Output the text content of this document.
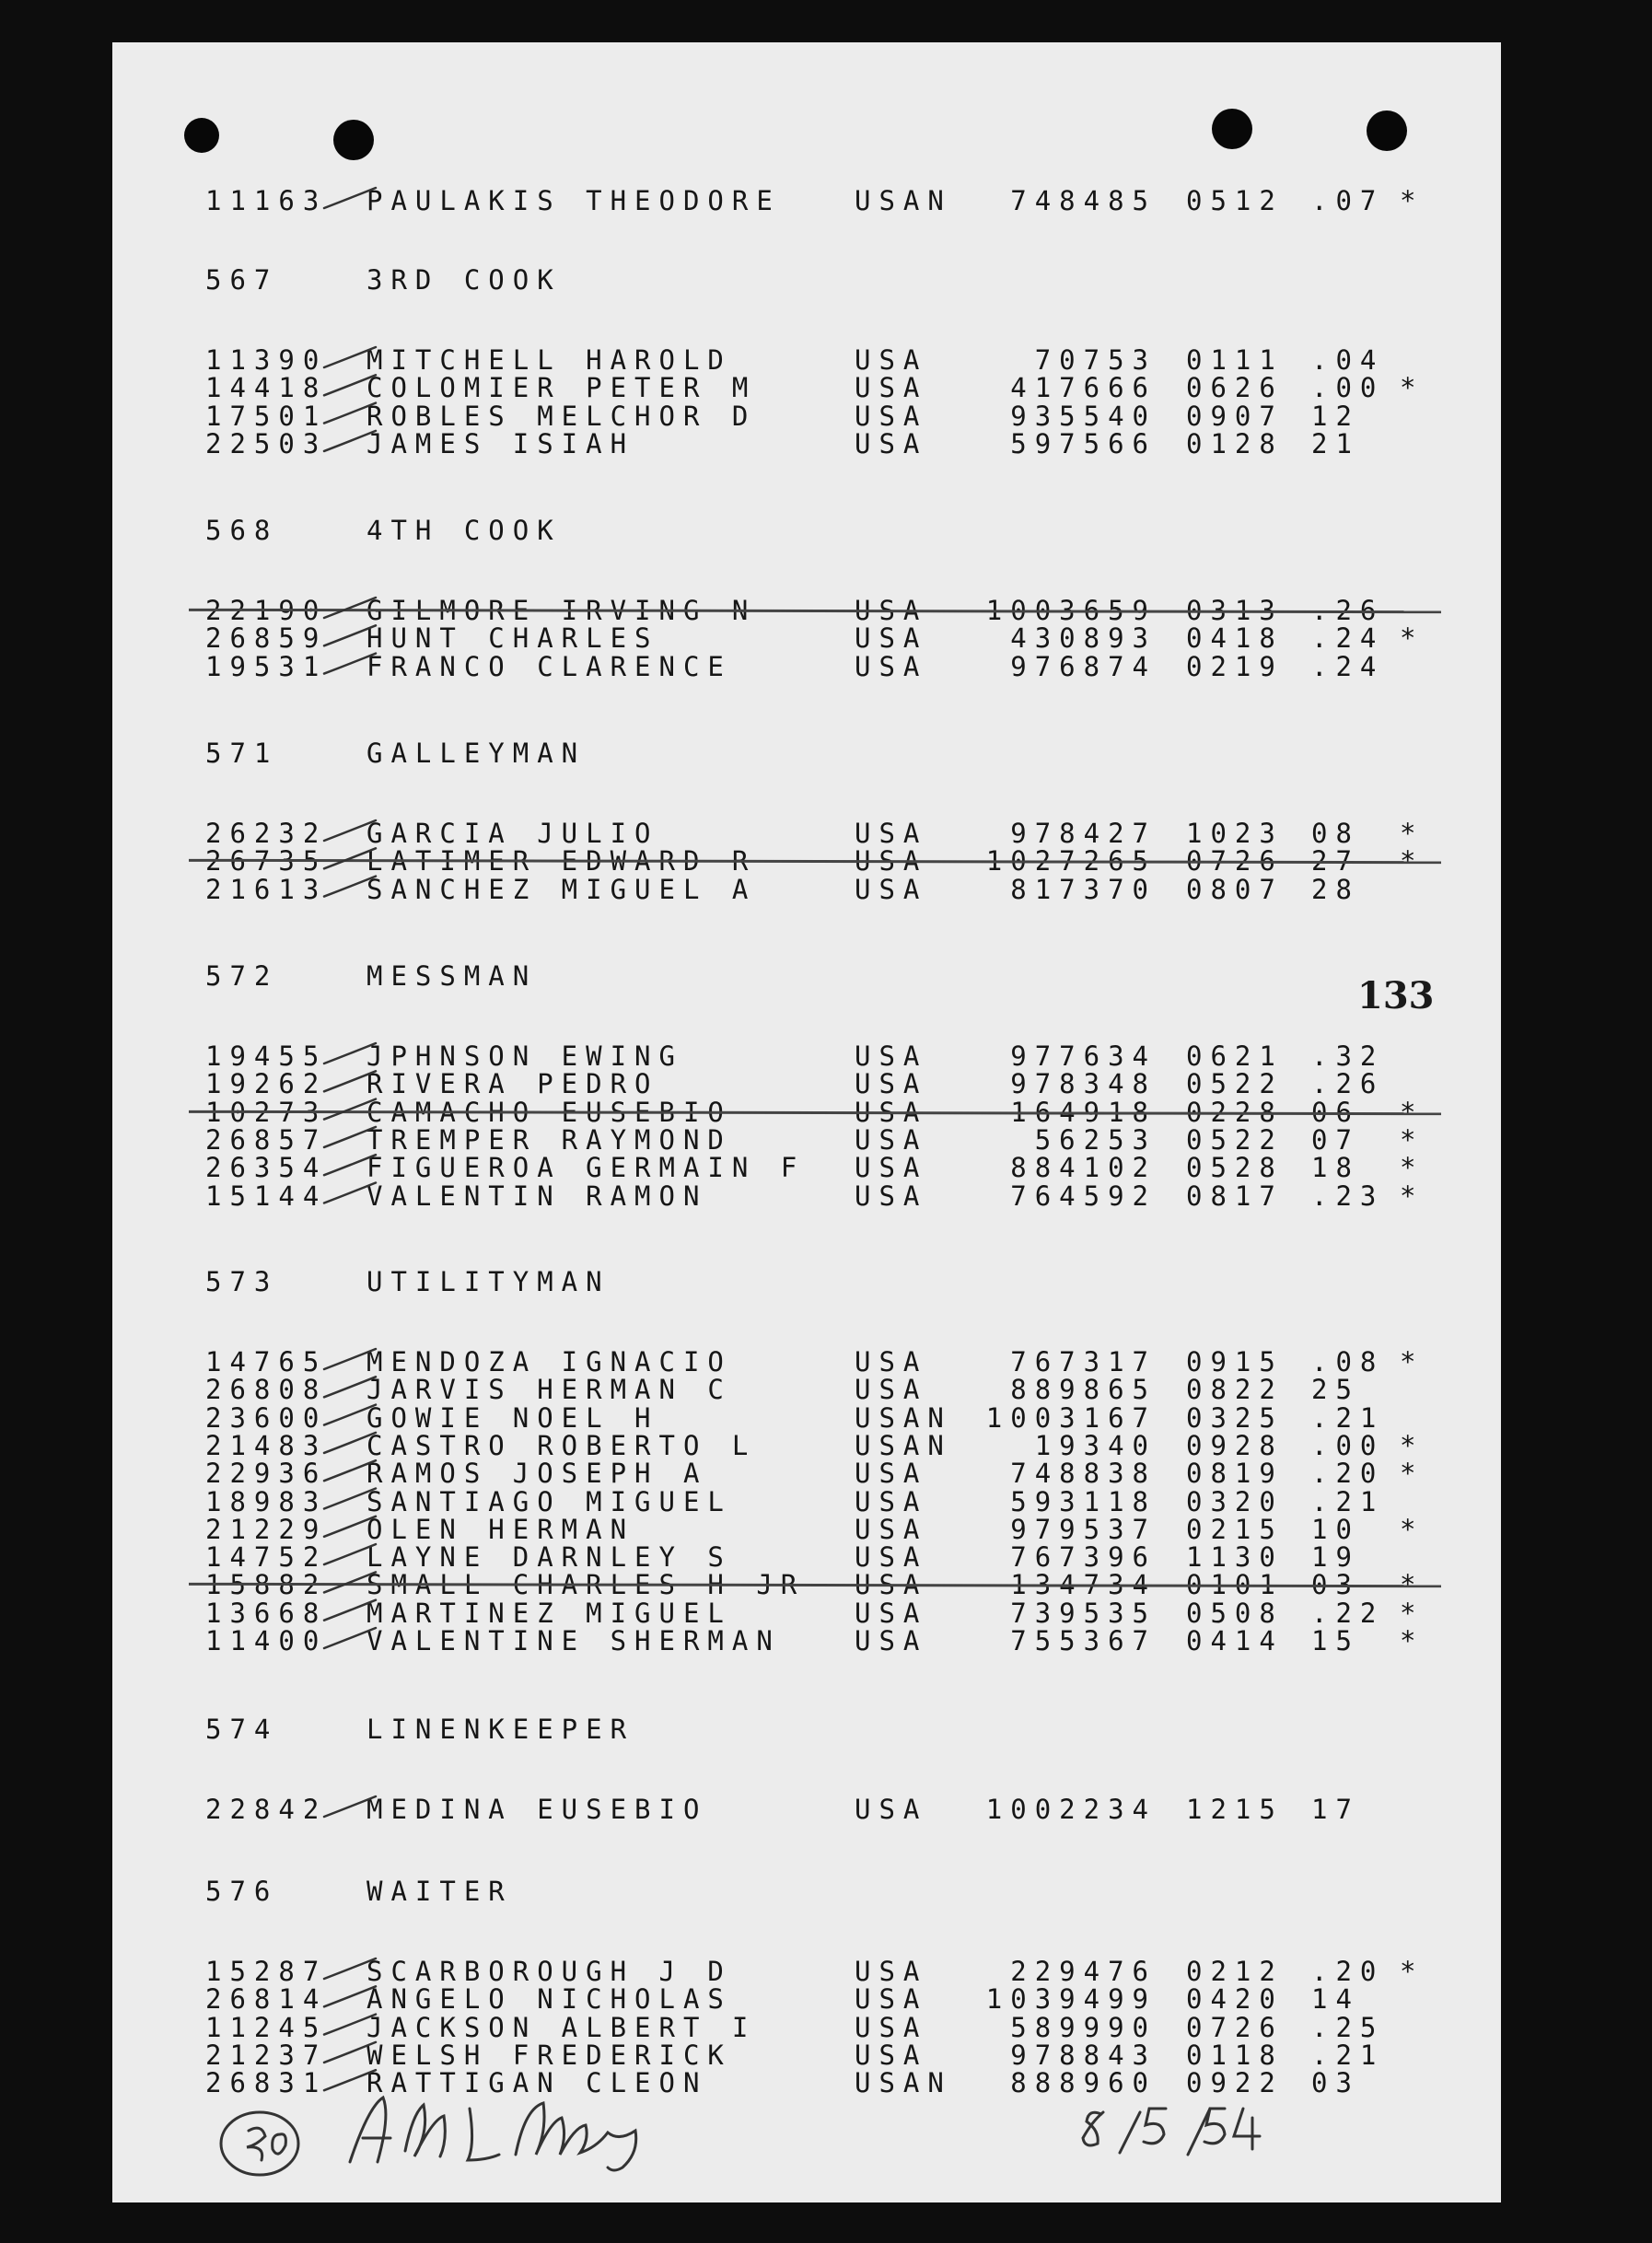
133
11163 PAULAKIS THEODORE	USAN	748485 0512 .07 *
567	3RD COOK
11390 MITCHELL HAROLD	USA	70753 0111 .04
14418 COLOMIER PETER M	USA	417666 0626 .00 *
17501 ROBLES MELCHOR D	USA	935540 0907 12
22503 JAMES ISIAH	USA	597566 0128 21
568	4TH COOK
22190 GILMORE IRVING N	USA	1003659 0313 .26
26859 HUNT CHARLES	USA	430893 0418 .24 *
19531 FRANCO CLARENCE	USA	976874 0219 .24
571	GALLEYMAN
26232 GARCIA JULIO	USA	978427 1023 08 *
26735 LATIMER EDWARD R	USA	1027265 0726 27 *
21613 SANCHEZ MIGUEL A	USA	817370 0807 28
572	MESSMAN
19455 JPHNSON EWING	USA	977634 0621 .32
19262 RIVERA PEDRO	USA	978348 0522 .26
10273 CAMACHO EUSEBIO	USA	164918 0228 06 *
26857 TREMPER RAYMOND	USA	56253 0522 07 *
26354 FIGUEROA GERMAIN F USA	884102 0528 18 *
15144 VALENTIN RAMON	USA	764592 0817 .23 *
573	UTILITYMAN
14765 MENDOZA IGNACIO	USA	767317 0915 .08 *
26808 JARVIS HERMAN C	USA	889865 0822 25
23600 GOWIE NOEL H	USAN	1003167 0325 .21
21483 CASTRO ROBERTO L	USAN	19340 0928 .00 *
22936 RAMOS JOSEPH A	USA	748838 0819 .20 *
18983 SANTIAGO MIGUEL	USA	593118 0320 .21
21229 OLEN HERMAN	USA	979537 0215 10 *
14752 LAYNE DARNLEY S	USA	767396 1130 19
15882 SMALL CHARLES H JR USA	134734 0101 03 *
13668 MARTINEZ MIGUEL	USA	739535 0508 .22 *
11400 VALENTINE SHERMAN	USA	755367 0414 15 *
574	LINENKEEPER
22842 MEDINA EUSEBIO	USA	1002234 1215 17
576	WAITER
15287 SCARBOROUGH J D	USA	229476 0212 .20 *
26814 ANGELO NICHOLAS	USA	1039499 0420 14
11245 JACKSON ALBERT I	USA	589990 0726 .25
21237 WELSH FREDERICK	USA	978843 0118 .21
26831 RATTIGAN CLEON	USAN	888960 0922 03
